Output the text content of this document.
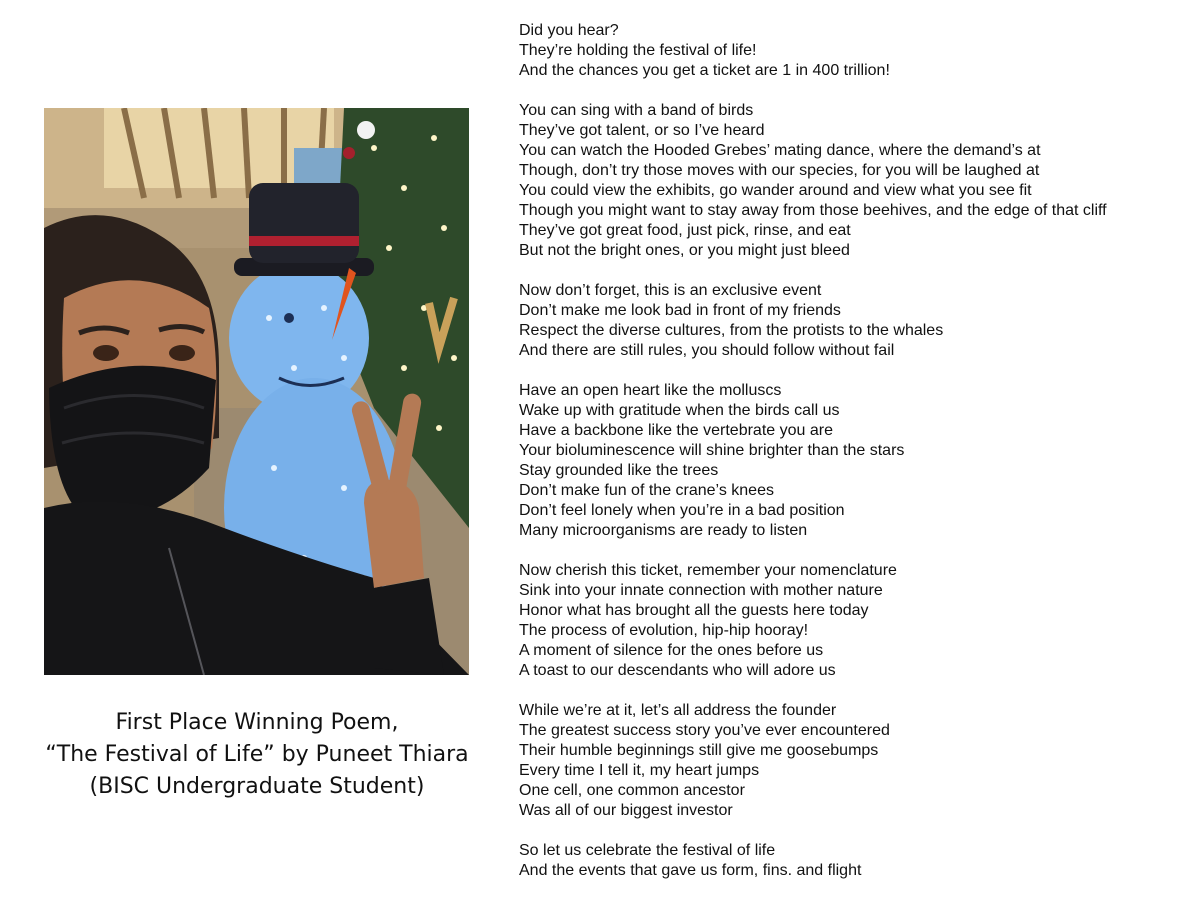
First Place Winning Poem,
“The Festival of Life” by Puneet Thiara
(BISC Undergraduate Student)
Did you hear?
They’re holding the festival of life!
And the chances you get a ticket are 1 in 400 trillion!
You can sing with a band of birds
They’ve got talent, or so I’ve heard
You can watch the Hooded Grebes’ mating dance, where the demand’s at
Though, don’t try those moves with our species, for you will be laughed at
You could view the exhibits, go wander around and view what you see fit
Though you might want to stay away from those beehives, and the edge of that cliff
They’ve got great food, just pick, rinse, and eat
But not the bright ones, or you might just bleed
Now don’t forget, this is an exclusive event
Don’t make me look bad in front of my friends
Respect the diverse cultures, from the protists to the whales
And there are still rules, you should follow without fail
Have an open heart like the molluscs
Wake up with gratitude when the birds call us
Have a backbone like the vertebrate you are
Your bioluminescence will shine brighter than the stars
Stay grounded like the trees
Don’t make fun of the crane’s knees
Don’t feel lonely when you’re in a bad position
Many microorganisms are ready to listen
Now cherish this ticket, remember your nomenclature
Sink into your innate connection with mother nature
Honor what has brought all the guests here today
The process of evolution, hip-hip hooray!
A moment of silence for the ones before us
A toast to our descendants who will adore us
While we’re at it, let’s all address the founder
The greatest success story you’ve ever encountered
Their humble beginnings still give me goosebumps
Every time I tell it, my heart jumps
One cell, one common ancestor
Was all of our biggest investor
So let us celebrate the festival of life
And the events that gave us form, fins. and flight
